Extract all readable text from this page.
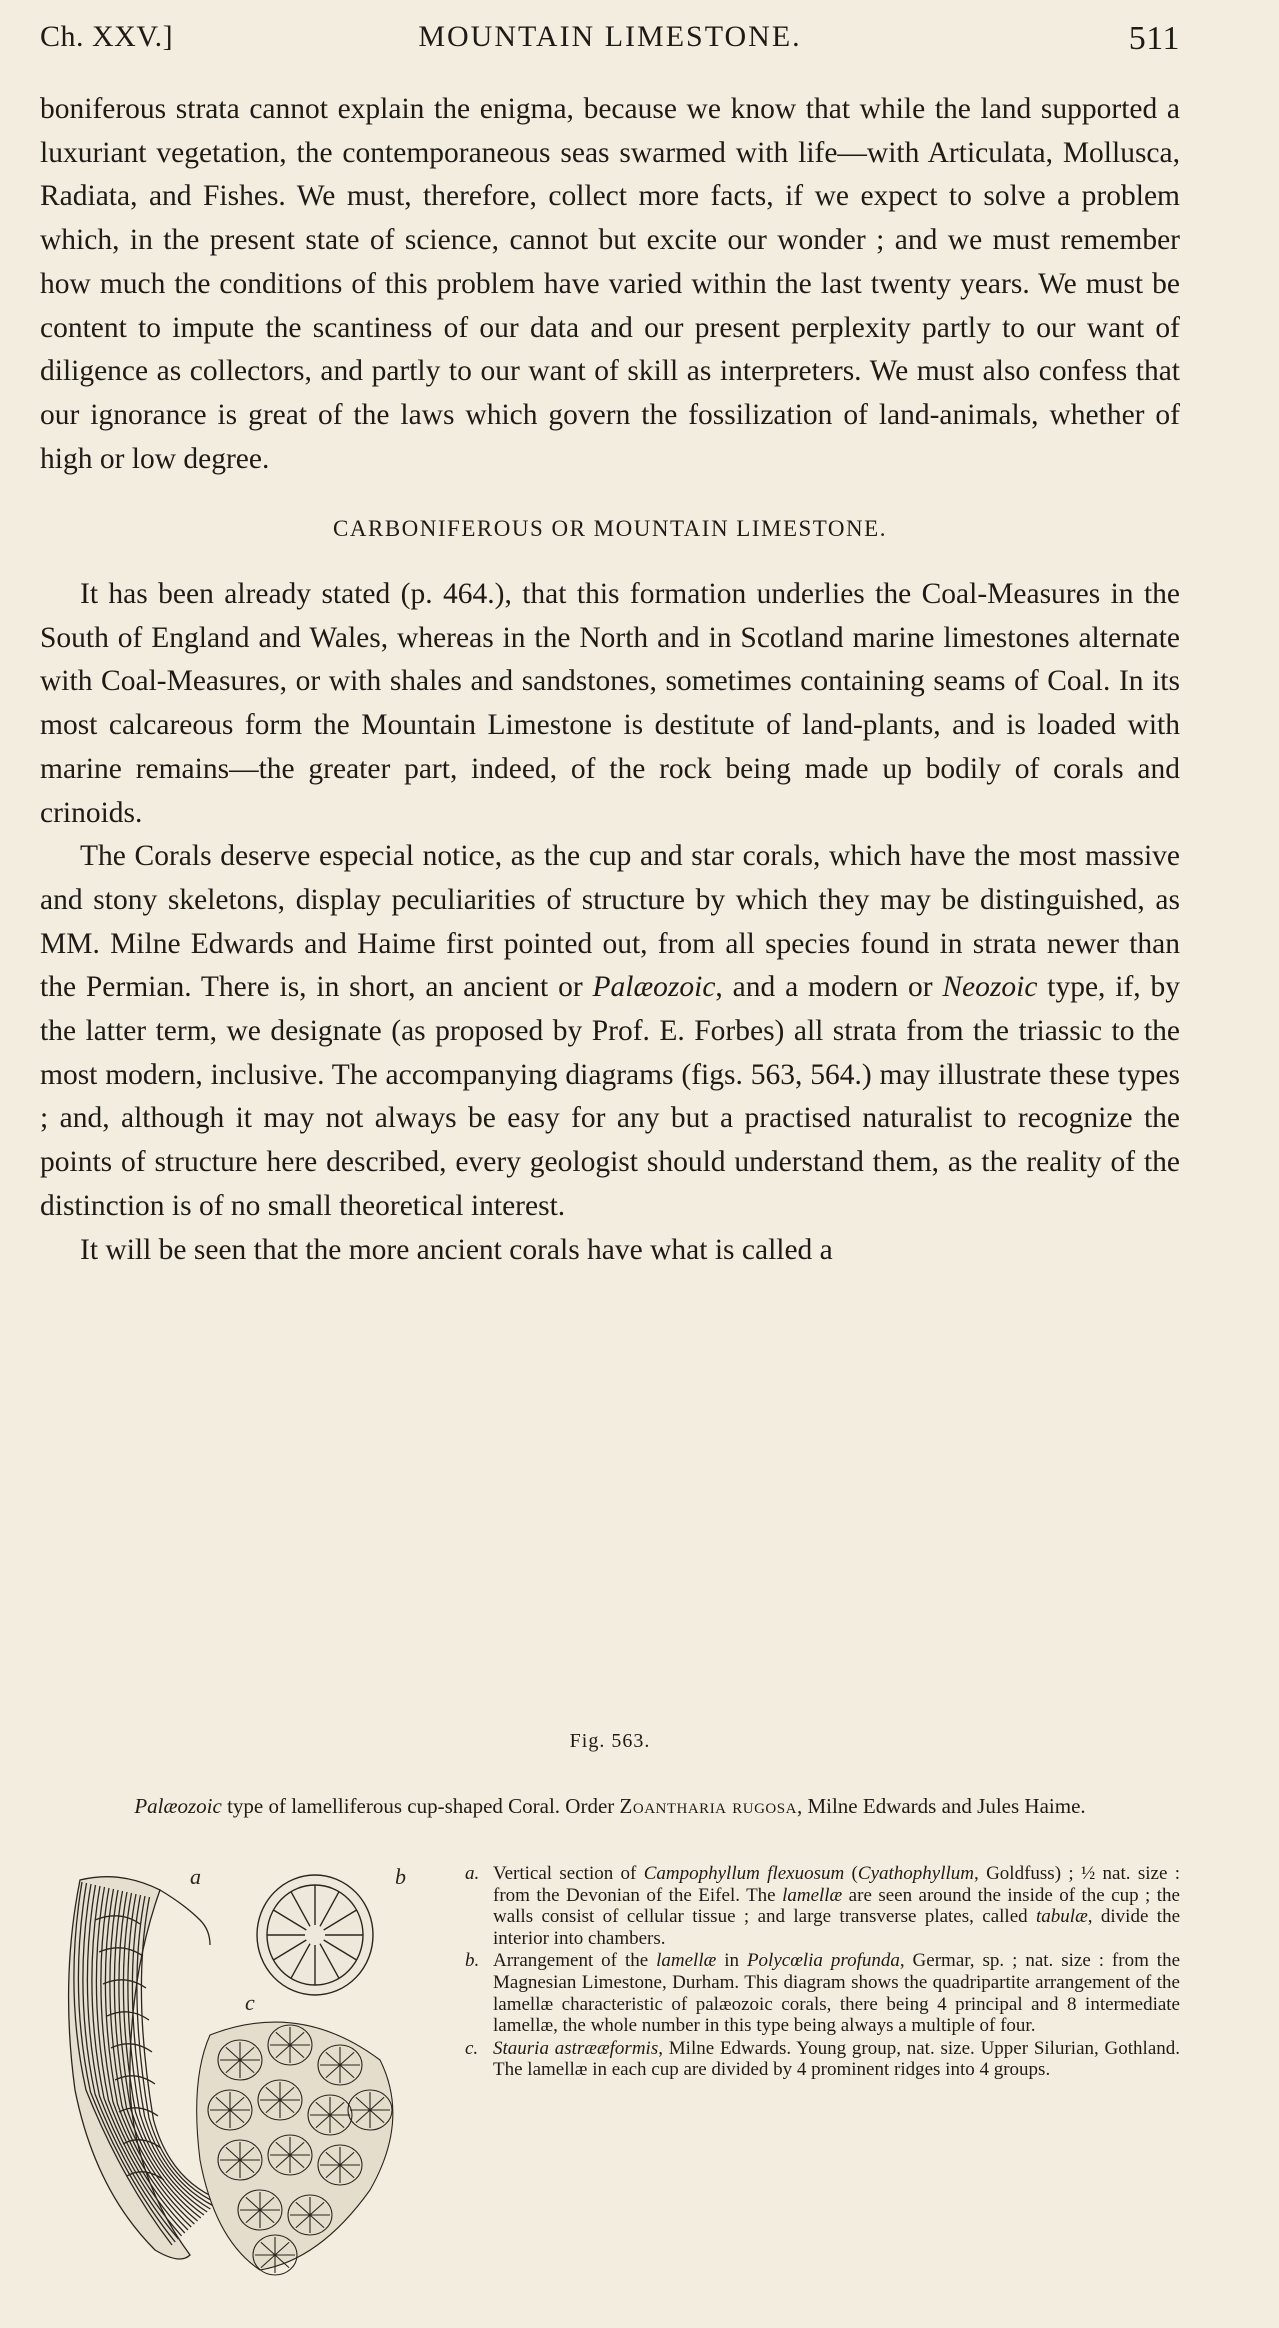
Ch. XXV.]	MOUNTAIN LIMESTONE.	511

boniferous strata cannot explain the enigma, because we know that while the land supported a luxuriant vegetation, the contemporaneous seas swarmed with life—with Articulata, Mollusca, Radiata, and Fishes. We must, therefore, collect more facts, if we expect to solve a problem which, in the present state of science, cannot but excite our wonder ; and we must remember how much the conditions of this problem have varied within the last twenty years. We must be content to impute the scantiness of our data and our present perplexity partly to our want of diligence as collectors, and partly to our want of skill as interpreters. We must also confess that our ignorance is great of the laws which govern the fossilization of land-animals, whether of high or low degree.

CARBONIFEROUS OR MOUNTAIN LIMESTONE.

It has been already stated (p. 464.), that this formation underlies the Coal-Measures in the South of England and Wales, whereas in the North and in Scotland marine limestones alternate with Coal-Measures, or with shales and sandstones, sometimes containing seams of Coal. In its most calcareous form the Mountain Limestone is destitute of land-plants, and is loaded with marine remains—the greater part, indeed, of the rock being made up bodily of corals and crinoids.

The Corals deserve especial notice, as the cup and star corals, which have the most massive and stony skeletons, display peculiarities of structure by which they may be distinguished, as MM. Milne Edwards and Haime first pointed out, from all species found in strata newer than the Permian. There is, in short, an ancient or Palæozoic, and a modern or Neozoic type, if, by the latter term, we designate (as proposed by Prof. E. Forbes) all strata from the triassic to the most modern, inclusive. The accompanying diagrams (figs. 563, 564.) may illustrate these types ; and, although it may not always be easy for any but a practised naturalist to recognize the points of structure here described, every geologist should understand them, as the reality of the distinction is of no small theoretical interest.

It will be seen that the more ancient corals have what is called a

Fig. 563.
Palæozoic type of lamelliferous cup-shaped Coral. Order Zoantharia rugosa, Milne Edwards and Jules Haime.
a	b
c
a. Vertical section of Campophyllum flexuosum (Cyathophyllum, Goldfuss) ; ½ nat. size : from the Devonian of the Eifel. The lamellæ are seen around the inside of the cup ; the walls consist of cellular tissue ; and large transverse plates, called tabulæ, divide the interior into chambers.
b. Arrangement of the lamellæ in Polycœlia profunda, Germar, sp. ; nat. size : from the Magnesian Limestone, Durham. This diagram shows the quadripartite arrangement of the lamellæ characteristic of palæozoic corals, there being 4 principal and 8 intermediate lamellæ, the whole number in this type being always a multiple of four.
c. Stauria astrææformis, Milne Edwards. Young group, nat. size. Upper Silurian, Gothland. The lamellæ in each cup are divided by 4 prominent ridges into 4 groups.
